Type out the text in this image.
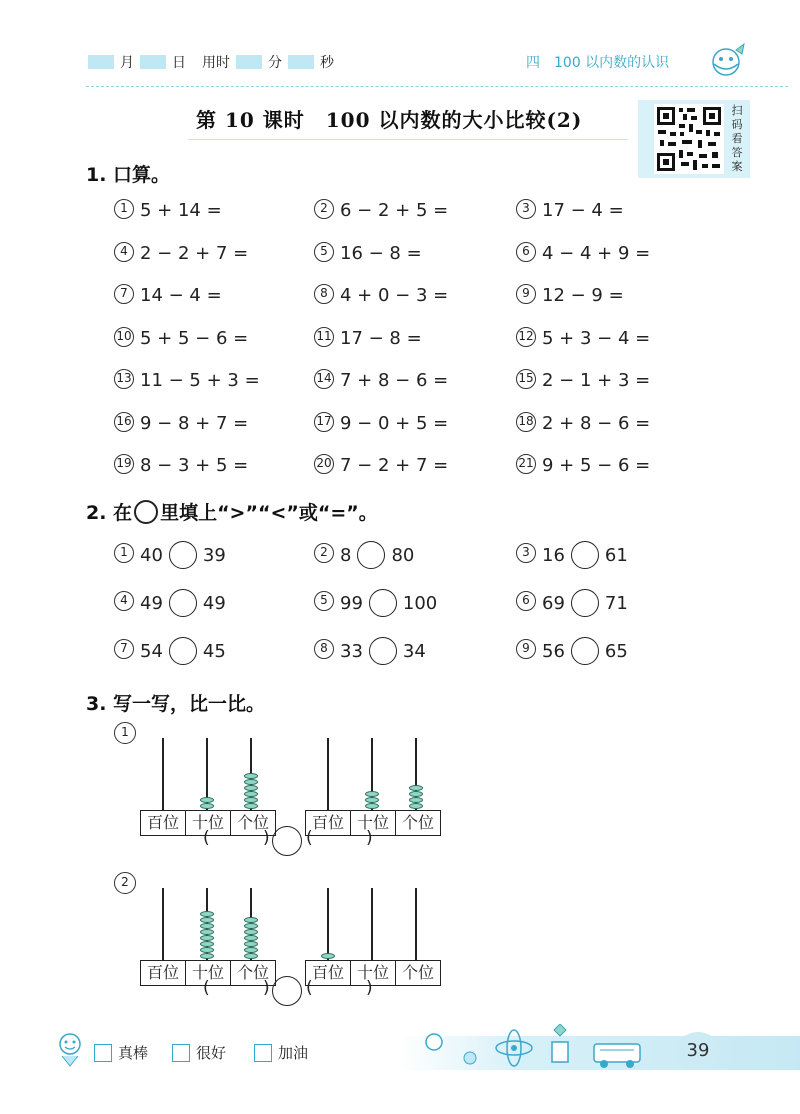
月	日 用时	分	秒	四　100 以内数的认识
第 10 课时　100 以内数的大小比较(2)	扫
码
看
答
案
1. 口算。
1 5 + 14 =	2 6 − 2 + 5 =	3 17 − 4 =
4 2 − 2 + 7 =	5 16 − 8 =	6 4 − 4 + 9 =
7 14 − 4 =	8 4 + 0 − 3 =	9 12 − 9 =
10 5 + 5 − 6 =	11 17 − 8 =	12 5 + 3 − 4 =
13 11 − 5 + 3 =	14 7 + 8 − 6 =	15 2 − 1 + 3 =
16 9 − 8 + 7 =	17 9 − 0 + 5 =	18 2 + 8 − 6 =
19 8 − 3 + 5 =	20 7 − 2 + 7 =	21 9 + 5 − 6 =
2. 在 里填上“>”“<”或“=”。
1 40 39	2 8 80	3 16 61
4 49 49	5 99 100	6 69 71
7 54 45	8 33 34	9 56 65
3. 写一写，比一比。
1
百位 十位 个位	百位 十位 个位
(	) (	)
2
百位 十位 个位	百位 十位 个位
(	) (	)
真棒	很好	加油	39
